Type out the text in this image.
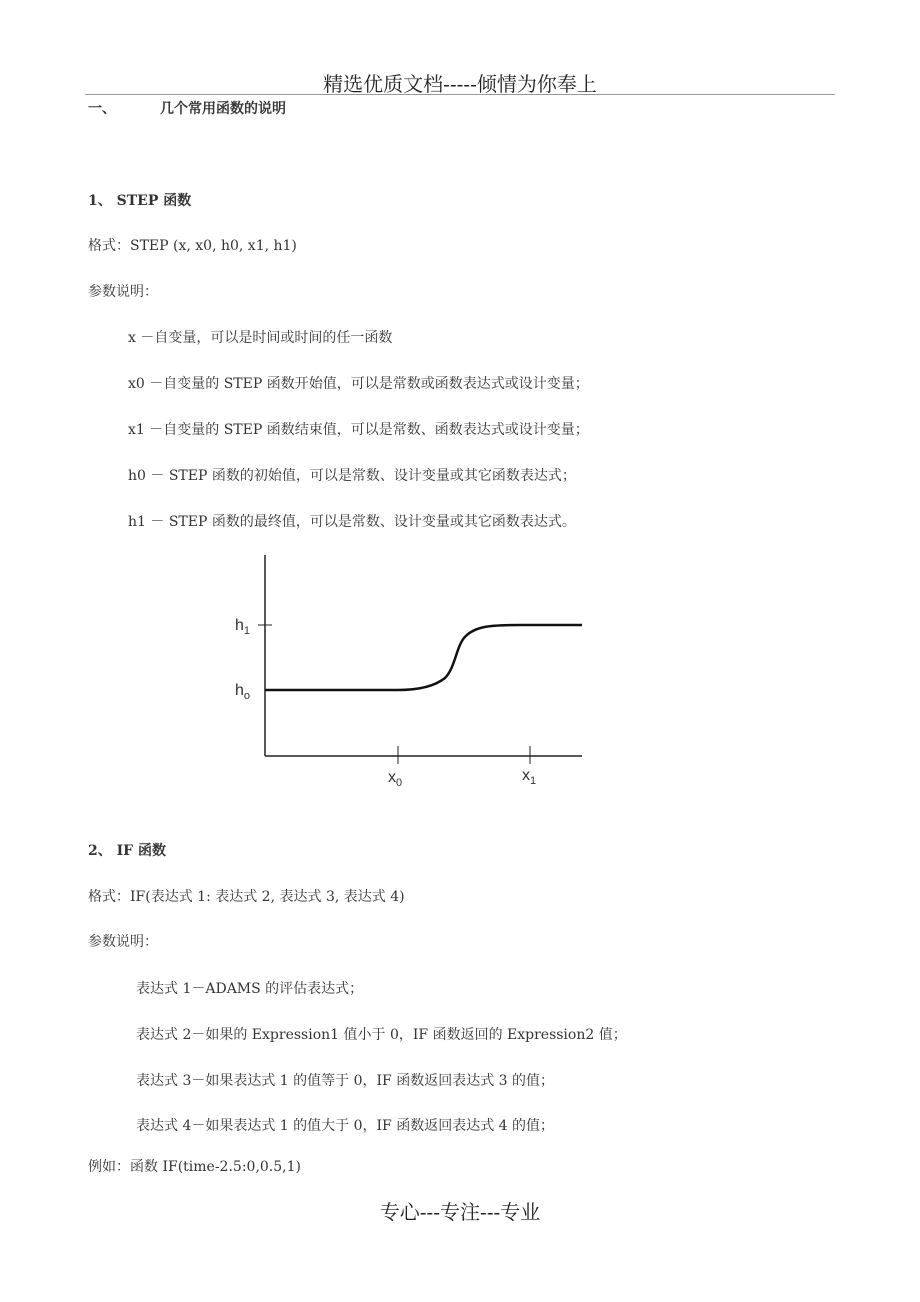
精选优质文档-----倾情为你奉上
一、	几个常用函数的说明
1、 STEP 函数
格式：STEP (x, x0, h0, x1, h1)
参数说明：
x －自变量，可以是时间或时间的任一函数
x0 －自变量的 STEP 函数开始值，可以是常数或函数表达式或设计变量；
x1 －自变量的 STEP 函数结束值，可以是常数、函数表达式或设计变量；
h0 － STEP 函数的初始值，可以是常数、设计变量或其它函数表达式；
h1 － STEP 函数的最终值，可以是常数、设计变量或其它函数表达式。
$h_1$
$h_o$
$x_0$	$x_1$
2、 IF 函数
格式：IF(表达式 1: 表达式 2, 表达式 3, 表达式 4)
参数说明：
表达式 1－ADAMS 的评估表达式；
表达式 2－如果的 Expression1 值小于 0，IF 函数返回的 Expression2 值；
表达式 3－如果表达式 1 的值等于 0，IF 函数返回表达式 3 的值；
表达式 4－如果表达式 1 的值大于 0，IF 函数返回表达式 4 的值；
例如：函数 IF(time-2.5:0,0.5,1)
专心---专注---专业
